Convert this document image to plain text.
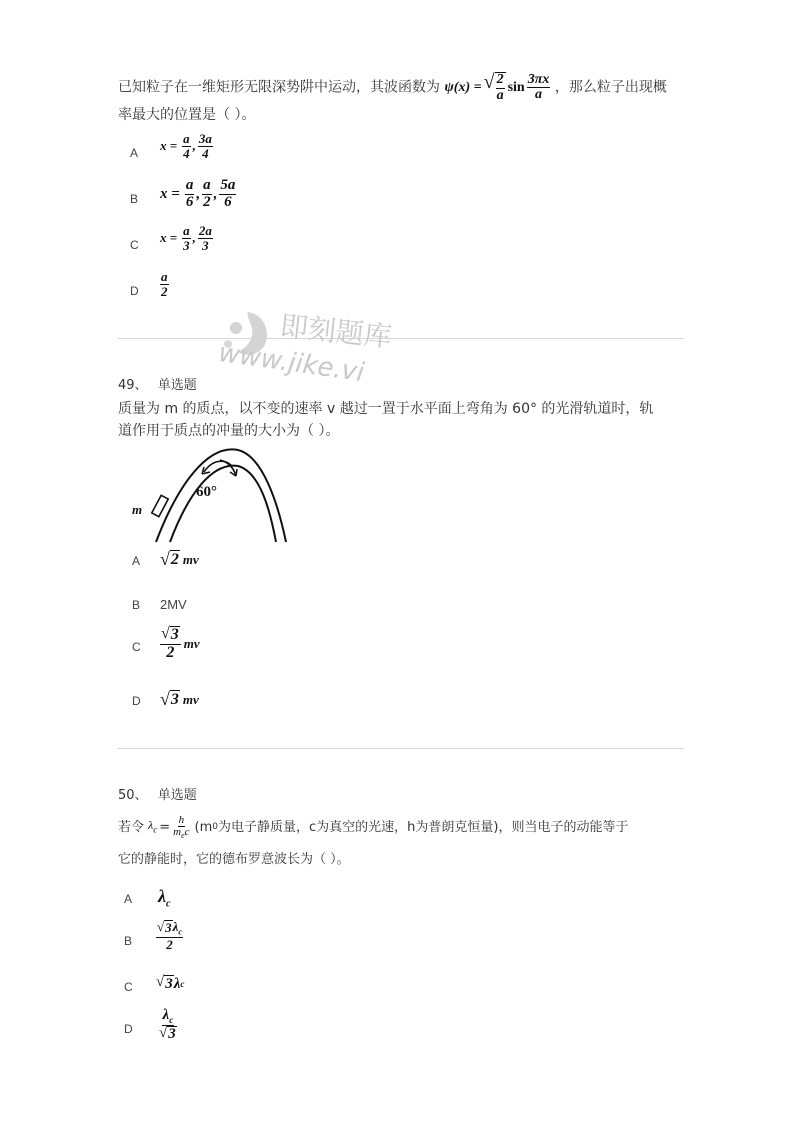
已知粒子在一维矩形无限深势阱中运动，其波函数为 ψ(x) = √ $\frac{2}{a}$ $\sin \frac{3\pi x}{a}$ ，那么粒子出现概
率最大的位置是（ ）。
A $x = \frac{a}{4}$ , $\frac{3a}{4}$
B $x = \frac{a}{6}$ , $\frac{a}{2}$ , $\frac{5a}{6}$
C $x = \frac{a}{3}$ , $\frac{2a}{3}$
D $\frac{a}{2}$
即刻题库
www.jike.vi
49、 单选题
质量为 m 的质点，以不变的速率 v 越过一置于水平面上弯角为 60° 的光滑轨道时，轨
道作用于质点的冲量的大小为（ ）。
60°
m
A √ 2 mv
B 2MV
C $\frac{√ 3}{2}$ mv
D √ 3 mv
50、 单选题
若令 $\lambda_c = \frac{h}{m_ec} (m$ 0 为电子静质量，c为真空的光速，h为普朗克恒量)，则当电子的动能等于
它的静能时，它的德布罗意波长为（ ）。
A $\lambda_c$
B $\frac{√ 3 \lambda_c}{2}$
C √ 3 λ c
D $\frac{\lambda_c}{√ 3}$
